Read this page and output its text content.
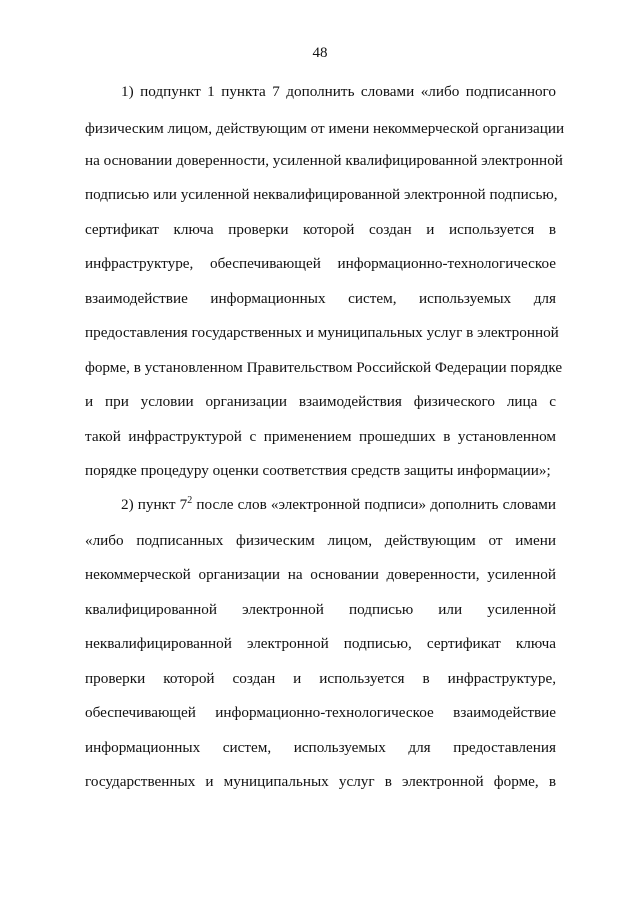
48
1) подпункт 1 пункта 7 дополнить словами «либо подписанного
физическим лицом, действующим от имени некоммерческой организации
на основании доверенности, усиленной квалифицированной электронной
подписью или усиленной неквалифицированной электронной подписью,
сертификат ключа проверки которой создан и используется в
инфраструктуре, обеспечивающей информационно-технологическое
взаимодействие информационных систем, используемых для
предоставления государственных и муниципальных услуг в электронной
форме, в установленном Правительством Российской Федерации порядке
и при условии организации взаимодействия физического лица с
такой инфраструктурой с применением прошедших в установленном
порядке процедуру оценки соответствия средств защиты информации»;
2) пункт $7^2$ после слов «электронной подписи» дополнить словами
«либо подписанных физическим лицом, действующим от имени
некоммерческой организации на основании доверенности, усиленной
квалифицированной электронной подписью или усиленной
неквалифицированной электронной подписью, сертификат ключа
проверки которой создан и используется в инфраструктуре,
обеспечивающей информационно-технологическое взаимодействие
информационных систем, используемых для предоставления
государственных и муниципальных услуг в электронной форме, в
